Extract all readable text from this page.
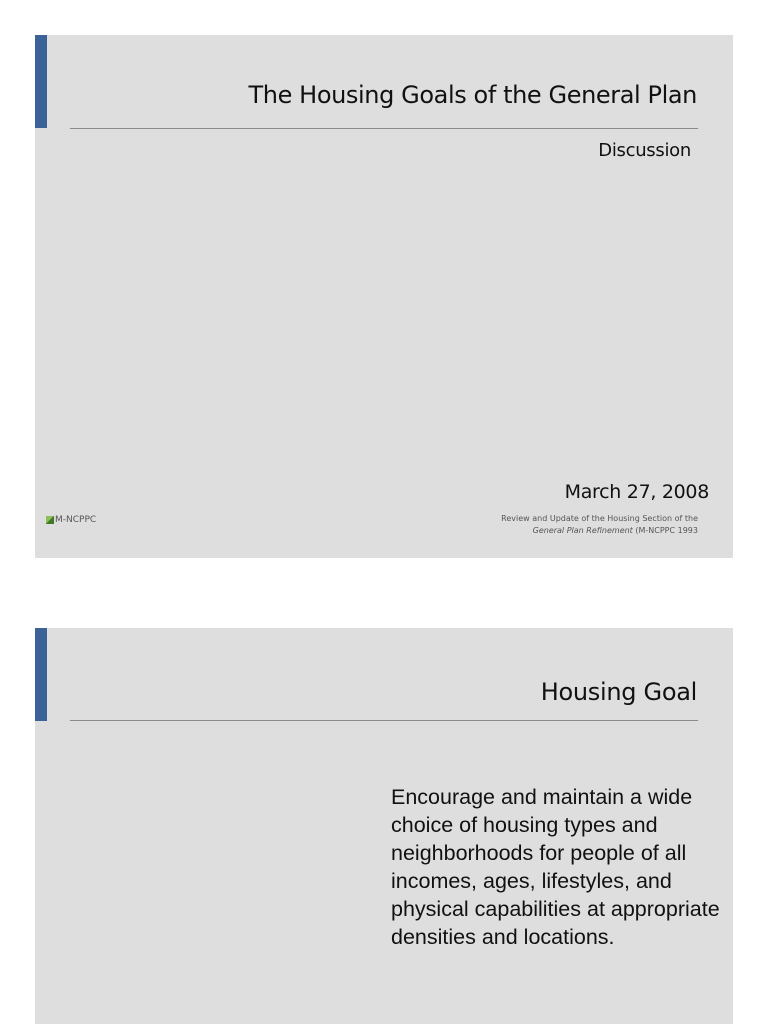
The Housing Goals of the General Plan
Discussion
March 27, 2008
M-NCPPC	Review and Update of the Housing Section of the
General Plan Refinement (M-NCPPC 1993
Housing Goal
Encourage and maintain a wide choice of housing types and neighborhoods for people of all incomes, ages, lifestyles, and physical capabilities at appropriate densities and locations.
